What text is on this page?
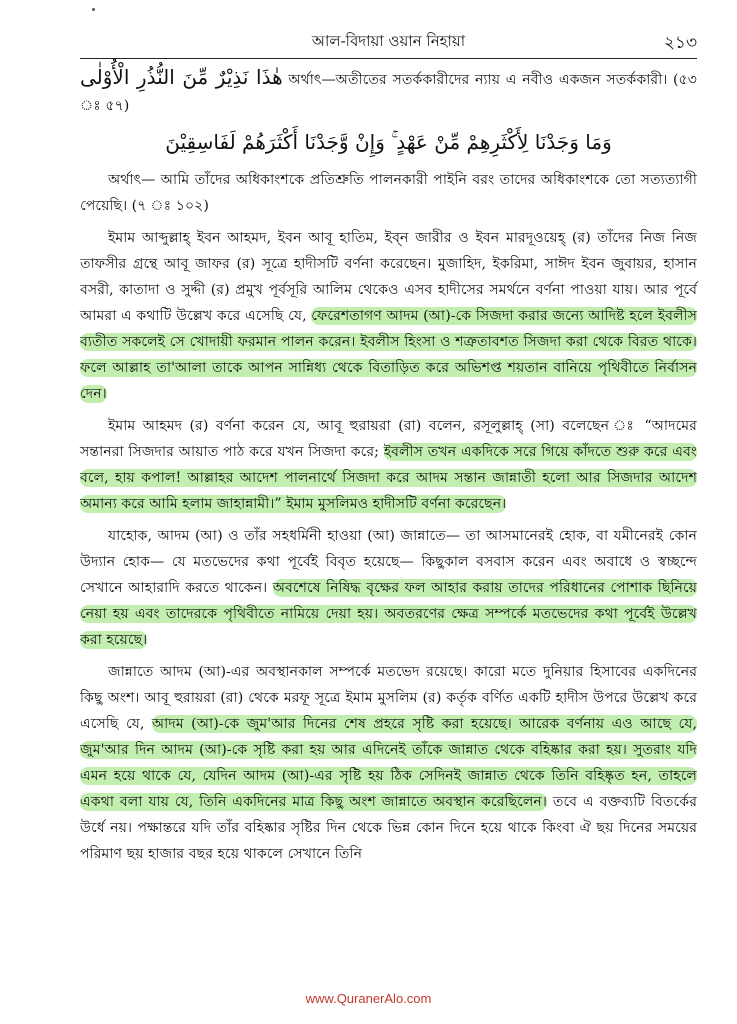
আল-বিদায়া ওয়ান নিহায়া	২১৩

هٰذَا نَذِيْرٌ مِّنَ النُّذُرِ الْأُوْلٰى অর্থাৎ—অতীতের সতর্ককারীদের ন্যায় এ নবীও একজন সতর্ককারী। (৫৩ ঃ ৫৭)

وَمَا وَجَدْنَا لِأَكْثَرِهِمْ مِّنْ عَهْدٍ ۚ وَإِنْ وَّجَدْنَا أَكْثَرَهُمْ لَفَاسِقِيْنَ

অর্থাৎ— আমি তাঁদের অধিকাংশকে প্রতিশ্রুতি পালনকারী পাইনি বরং তাদের অধিকাংশকে তো সত্যত্যাগী পেয়েছি। (৭ ঃ ১০২)

ইমাম আব্দুল্লাহ্ ইবন আহমদ, ইবন আবূ হাতিম, ইব্‌ন জারীর ও ইবন মারদূওয়েহ্ (র) তাঁদের নিজ নিজ তাফসীর গ্রন্থে আবূ জাফর (র) সূত্রে হাদীসটি বর্ণনা করেছেন। মুজাহিদ, ইকরিমা, সাঈদ ইবন জুবায়র, হাসান বসরী, কাতাদা ও সুদ্দী (র) প্রমুখ পূর্বসূরি আলিম থেকেও এসব হাদীসের সমর্থনে বর্ণনা পাওয়া যায়। আর পূর্বে আমরা এ কথাটি উল্লেখ করে এসেছি যে, ফেরেশতাগণ আদম (আ)-কে সিজদা করার জন্যে আদিষ্ট হলে ইবলীস ব্যতীত সকলেই সে খোদায়ী ফরমান পালন করেন। ইবলীস হিংসা ও শত্রুতাবশত সিজদা করা থেকে বিরত থাকে। ফলে আল্লাহ তা'আলা তাকে আপন সান্নিধ্য থেকে বিতাড়িত করে অভিশপ্ত শয়তান বানিয়ে পৃথিবীতে নির্বাসন দেন।

ইমাম আহমদ (র) বর্ণনা করেন যে, আবূ হুরায়রা (রা) বলেন, রসূলুল্লাহ্ (সা) বলেছেন ঃ “আদমের সন্তানরা সিজদার আয়াত পাঠ করে যখন সিজদা করে; ইবলীস তখন একদিকে সরে গিয়ে কাঁদতে শুরু করে এবং বলে, হায় কপাল! আল্লাহর আদেশ পালনার্থে সিজদা করে আদম সন্তান জান্নাতী হলো আর সিজদার আদেশ অমান্য করে আমি হলাম জাহান্নামী।” ইমাম মুসলিমও হাদীসটি বর্ণনা করেছেন।

যাহোক, আদম (আ) ও তাঁর সহধর্মিনী হাওয়া (আ) জান্নাতে— তা আসমানেরই হোক, বা যমীনেরই কোন উদ্যান হোক— যে মতভেদের কথা পূর্বেই বিবৃত হয়েছে— কিছুকাল বসবাস করেন এবং অবাধে ও স্বচ্ছন্দে সেখানে আহারাদি করতে থাকেন। অবশেষে নিষিদ্ধ বৃক্ষের ফল আহার করায় তাদের পরিধানের পোশাক ছিনিয়ে নেয়া হয় এবং তাদেরকে পৃথিবীতে নামিয়ে দেয়া হয়। অবতরণের ক্ষেত্র সম্পর্কে মতভেদের কথা পূর্বেই উল্লেখ করা হয়েছে।

জান্নাতে আদম (আ)-এর অবস্থানকাল সম্পর্কে মতভেদ রয়েছে। কারো মতে দুনিয়ার হিসাবের একদিনের কিছু অংশ। আবূ হুরায়রা (রা) থেকে মরফূ সূত্রে ইমাম মুসলিম (র) কর্তৃক বর্ণিত একটি হাদীস উপরে উল্লেখ করে এসেছি যে, আদম (আ)-কে জুম'আর দিনের শেষ প্রহরে সৃষ্টি করা হয়েছে। আরেক বর্ণনায় এও আছে যে, জুম'আর দিন আদম (আ)-কে সৃষ্টি করা হয় আর এদিনেই তাঁকে জান্নাত থেকে বহিষ্কার করা হয়। সুতরাং যদি এমন হয়ে থাকে যে, যেদিন আদম (আ)-এর সৃষ্টি হয় ঠিক সেদিনই জান্নাত থেকে তিনি বহিষ্কৃত হন, তাহলে একথা বলা যায় যে, তিনি একদিনের মাত্র কিছু অংশ জান্নাতে অবস্থান করেছিলেন। তবে এ বক্তব্যটি বিতর্কের উর্ধে নয়। পক্ষান্তরে যদি তাঁর বহিষ্কার সৃষ্টির দিন থেকে ভিন্ন কোন দিনে হয়ে থাকে কিংবা ঐ ছয় দিনের সময়ের পরিমাণ ছয় হাজার বছর হয়ে থাকলে সেখানে তিনি

www.QuranerAlo.com
